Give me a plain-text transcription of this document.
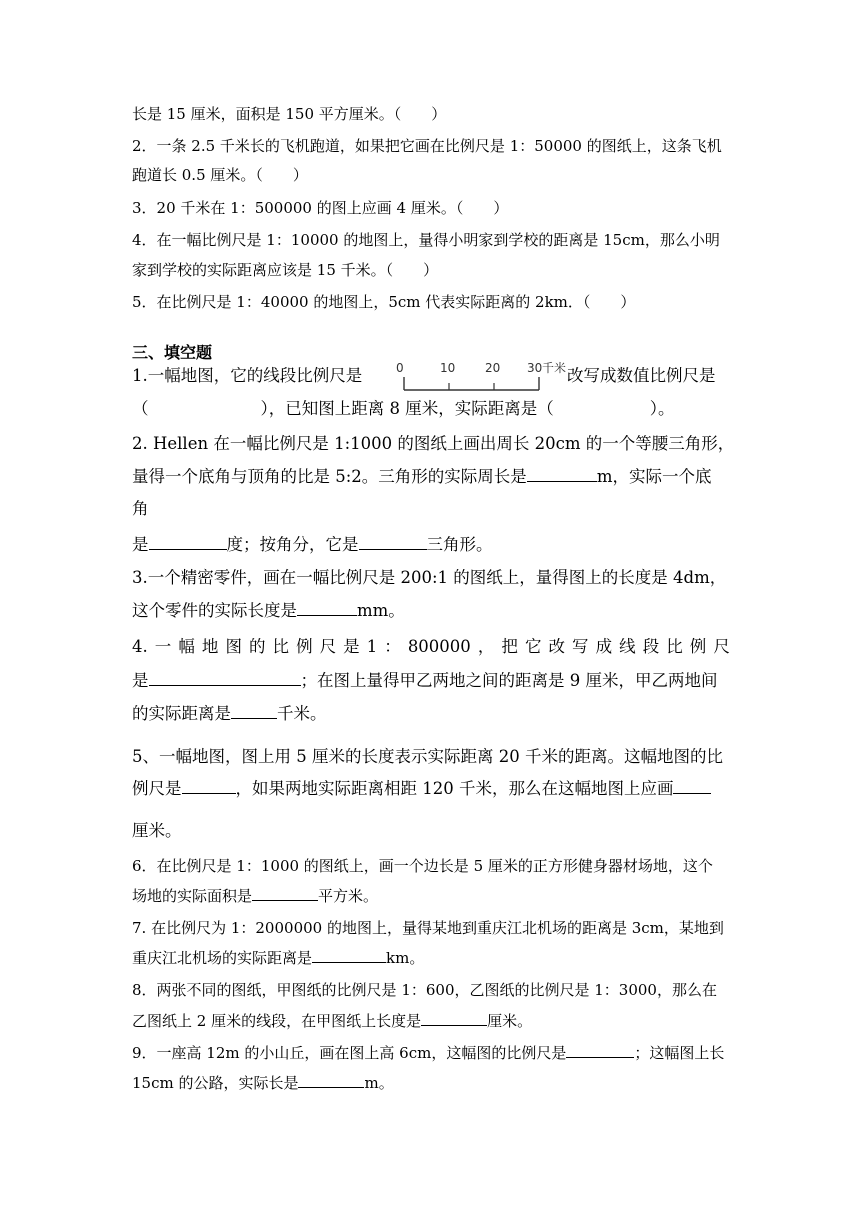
长是 15 厘米，面积是 150 平方厘米。（　　）
2．一条 2.5 千米长的飞机跑道，如果把它画在比例尺是 1：50000 的图纸上，这条飞机
跑道长 0.5 厘米。（　　）
3．20 千米在 1：500000 的图上应画 4 厘米。（　　）
4．在一幅比例尺是 1：10000 的地图上，量得小明家到学校的距离是 15cm，那么小明
家到学校的实际距离应该是 15 千米。（　　）
5．在比例尺是 1：40000 的地图上，5cm 代表实际距离的 2km．（　　）
三、填空题
1.一幅地图，它的线段比例尺是	改写成数值比例尺是
0	10 20 30 千米
（	），已知图上距离 8 厘米，实际距离是（	）。
2. Hellen 在一幅比例尺是 1:1000 的图纸上画出周长 20cm 的一个等腰三角形，
量得一个底角与顶角的比是 5:2。三角形的实际周长是	m，实际一个底
角
是	度；按角分，它是	三角形。
3.一个精密零件，画在一幅比例尺是 200:1 的图纸上，量得图上的长度是 4dm，
这个零件的实际长度是	mm。
4. 一 幅 地 图 的 比 例 尺 是 1 ： 800000 ， 把 它 改 写 成 线 段 比 例 尺
是	；在图上量得甲乙两地之间的距离是 9 厘米，甲乙两地间
的实际距离是	千米。
5、一幅地图，图上用 5 厘米的长度表示实际距离 20 千米的距离。这幅地图的比
例尺是	，如果两地实际距离相距 120 千米，那么在这幅地图上应画
厘米。
6．在比例尺是 1：1000 的图纸上，画一个边长是 5 厘米的正方形健身器材场地，这个
场地的实际面积是	平方米。
7. 在比例尺为 1：2000000 的地图上，量得某地到重庆江北机场的距离是 3cm，某地到
重庆江北机场的实际距离是	km。
8．两张不同的图纸，甲图纸的比例尺是 1：600，乙图纸的比例尺是 1：3000，那么在
乙图纸上 2 厘米的线段，在甲图纸上长度是	厘米。
9．一座高 12m 的小山丘，画在图上高 6cm，这幅图的比例尺是	；这幅图上长
15cm 的公路，实际长是	m。
